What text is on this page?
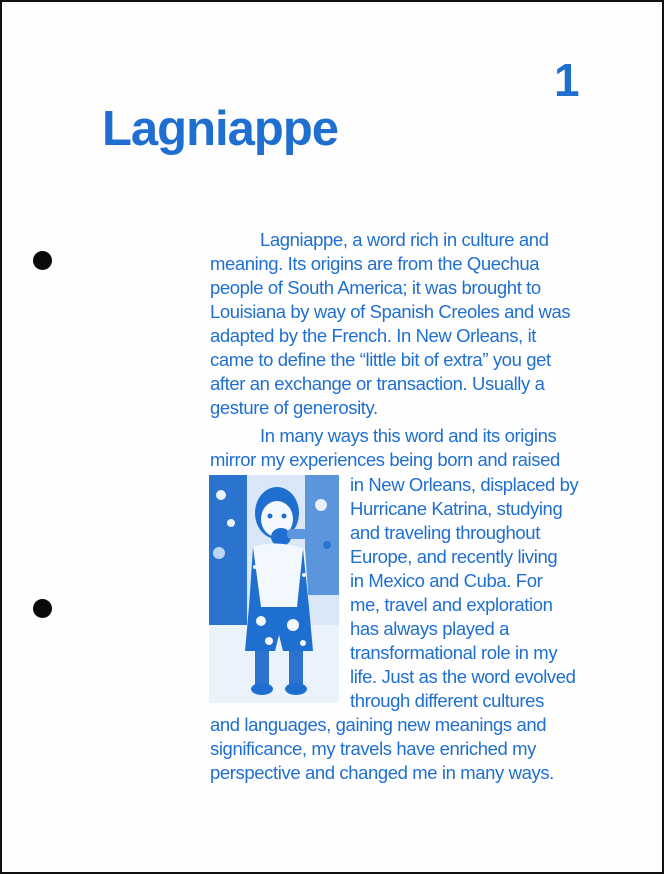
1
Lagniappe

Lagniappe, a word rich in culture and

meaning. Its origins are from the Quechua

people of South America; it was brought to

Louisiana by way of Spanish Creoles and was

adapted by the French. In New Orleans, it

came to define the “little bit of extra” you get

after an exchange or transaction. Usually a

gesture of generosity.

In many ways this word and its origins

mirror my experiences being born and raised

in New Orleans, displaced by

Hurricane Katrina, studying

and traveling throughout

Europe, and recently living

in Mexico and Cuba. For

me, travel and exploration

has always played a

transformational role in my

life. Just as the word evolved

through different cultures

and languages, gaining new meanings and

significance, my travels have enriched my

perspective and changed me in many ways.
